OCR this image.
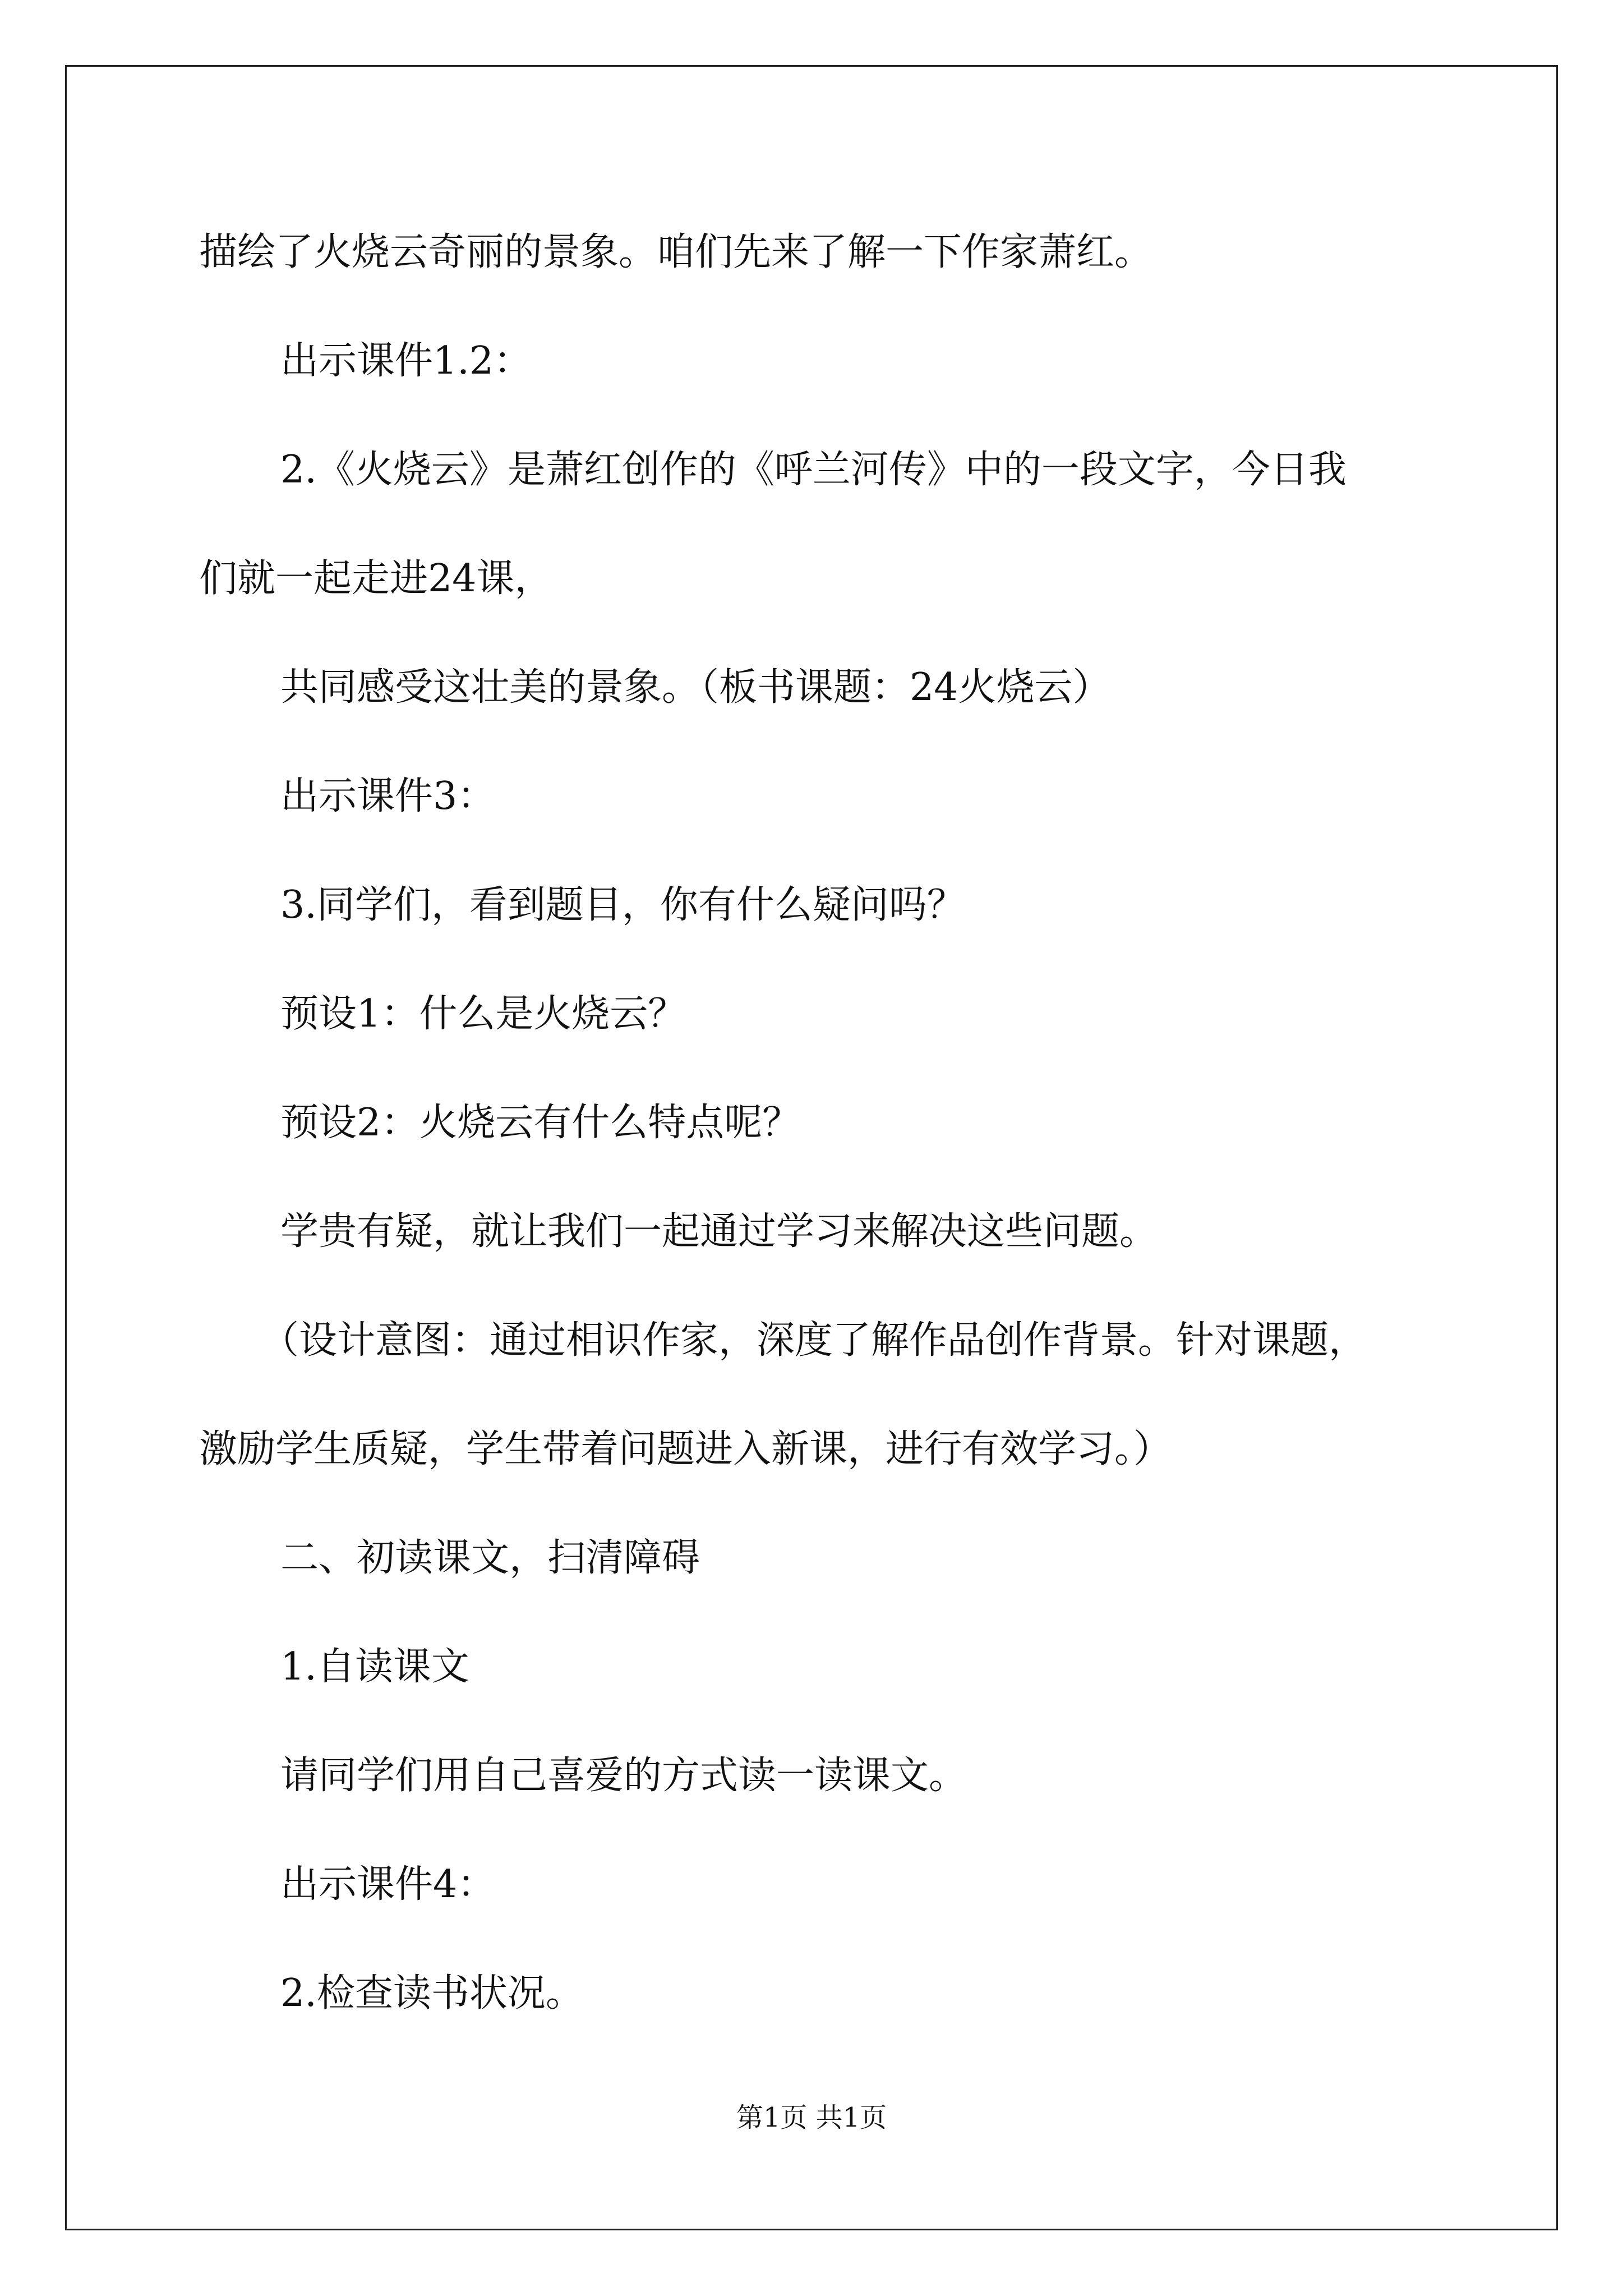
描绘了火烧云奇丽的景象。咱们先来了解一下作家萧红。

出示课件1.2：

2.《火烧云》是萧红创作的《呼兰河传》中的一段文字，今日我

们就一起走进24课，

共同感受这壮美的景象。（板书课题：24火烧云）

出示课件3：

3.同学们，看到题目，你有什么疑问吗？

预设1：什么是火烧云？

预设2：火烧云有什么特点呢？

学贵有疑，就让我们一起通过学习来解决这些问题。

（设计意图：通过相识作家，深度了解作品创作背景。针对课题，

激励学生质疑，学生带着问题进入新课，进行有效学习。）

二、初读课文，扫清障碍

1.自读课文

请同学们用自己喜爱的方式读一读课文。

出示课件4：

2.检查读书状况。

第1页 共1页
